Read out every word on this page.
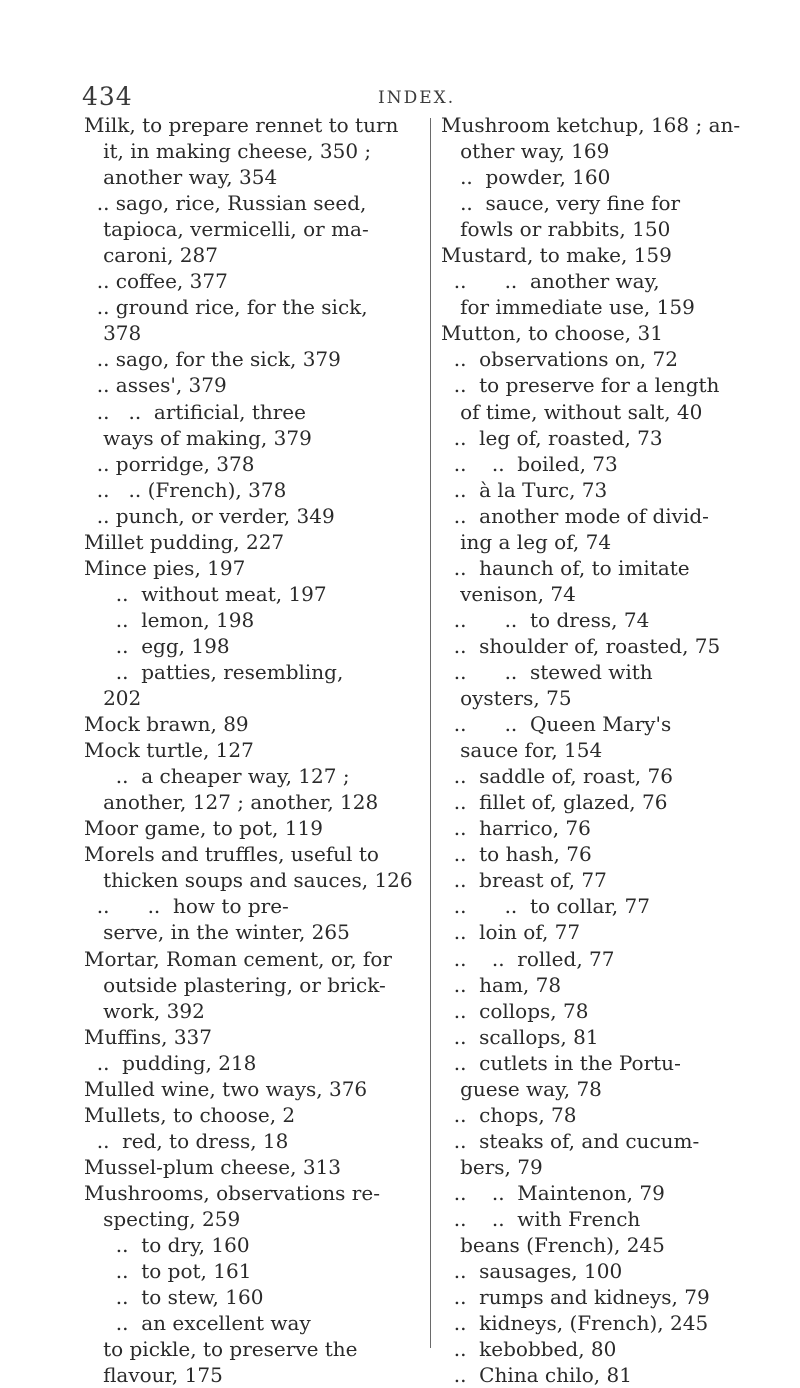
434	INDEX.
Milk, to prepare rennet to turn
it, in making cheese, 350 ;
another way, 354
.. sago, rice, Russian seed,
tapioca, vermicelli, or ma-
caroni, 287
.. coffee, 377
.. ground rice, for the sick,
378
.. sago, for the sick, 379
.. asses', 379
..   ..  artificial, three
ways of making, 379
.. porridge, 378
..   .. (French), 378
.. punch, or verder, 349
Millet pudding, 227
Mince pies, 197
..  without meat, 197
..  lemon, 198
..  egg, 198
..  patties, resembling,
202
Mock brawn, 89
Mock turtle, 127
..  a cheaper way, 127 ;
another, 127 ; another, 128
Moor game, to pot, 119
Morels and truffles, useful to
thicken soups and sauces, 126
..      ..  how to pre-
serve, in the winter, 265
Mortar, Roman cement, or, for
outside plastering, or brick-
work, 392
Muffins, 337
..  pudding, 218
Mulled wine, two ways, 376
Mullets, to choose, 2
..  red, to dress, 18
Mussel-plum cheese, 313
Mushrooms, observations re-
specting, 259
..  to dry, 160
..  to pot, 161
..  to stew, 160
..  an excellent way
to pickle, to preserve the
flavour, 175
Mushroom ketchup, 168 ; an-
other way, 169
..  powder, 160
..  sauce, very fine for
fowls or rabbits, 150
Mustard, to make, 159
..      ..  another way,
for immediate use, 159
Mutton, to choose, 31
..  observations on, 72
..  to preserve for a length
of time, without salt, 40
..  leg of, roasted, 73
..    ..  boiled, 73
..  à la Turc, 73
..  another mode of divid-
ing a leg of, 74
..  haunch of, to imitate
venison, 74
..      ..  to dress, 74
..  shoulder of, roasted, 75
..      ..  stewed with
oysters, 75
..      ..  Queen Mary's
sauce for, 154
..  saddle of, roast, 76
..  fillet of, glazed, 76
..  harrico, 76
..  to hash, 76
..  breast of, 77
..      ..  to collar, 77
..  loin of, 77
..    ..  rolled, 77
..  ham, 78
..  collops, 78
..  scallops, 81
..  cutlets in the Portu-
guese way, 78
..  chops, 78
..  steaks of, and cucum-
bers, 79
..    ..  Maintenon, 79
..    ..  with French
beans (French), 245
..  sausages, 100
..  rumps and kidneys, 79
..  kidneys, (French), 245
..  kebobbed, 80
..  China chilo, 81
